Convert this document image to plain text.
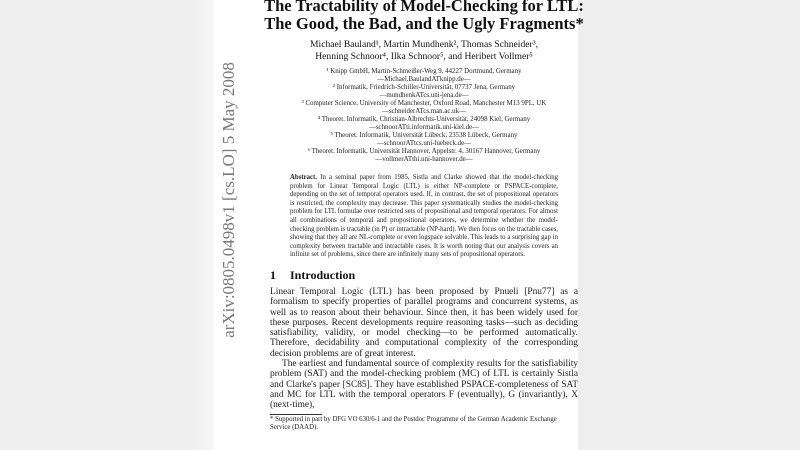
arXiv:0805.0498v1 [cs.LO] 5 May 2008
The Tractability of Model-Checking for LTL:
The Good, the Bad, and the Ugly Fragments*
Michael Bauland¹, Martin Mundhenk², Thomas Schneider³,
Henning Schnoor⁴, Ilka Schnoor⁵, and Heribert Vollmer⁵
¹ Knipp GmbH, Martin-Schmeißer-Weg 9, 44227 Dortmund, Germany
—Michael.BaulandATknipp.de—
² Informatik, Friedrich-Schiller-Universität, 07737 Jena, Germany
—mundhenkATcs.uni-jena.de—
³ Computer Science, University of Manchester, Oxford Road, Manchester M13 9PL, UK
—schneiderATcs.man.ac.uk—
⁴ Theoret. Informatik, Christian-Albrechts-Universität, 24098 Kiel, Germany
—schnoorATti.informatik.uni-kiel.de—
⁵ Theoret. Informatik, Universität Lübeck, 23538 Lübeck, Germany
—schnoorATtcs.uni-luebeck.de—
⁶ Theoret. Informatik, Universität Hannover, Appelstr. 4, 30167 Hannover, Germany
—vollmerATthi.uni-hannover.de—
Abstract. In a seminal paper from 1985, Sistla and Clarke showed that the model-checking problem for Linear Temporal Logic (LTL) is either NP-complete or PSPACE-complete, depending on the set of temporal operators used. If, in contrast, the set of propositional operators is restricted, the complexity may decrease. This paper systematically studies the model-checking problem for LTL formulae over restricted sets of propositional and temporal operators. For almost all combinations of temporal and propositional operators, we determine whether the model-checking problem is tractable (in P) or intractable (NP-hard). We then focus on the tractable cases, showing that they all are NL-complete or even logspace solvable. This leads to a surprising gap in complexity between tractable and intractable cases. It is worth noting that our analysis covers an infinite set of problems, since there are infinitely many sets of propositional operators.
1 Introduction

Linear Temporal Logic (LTL) has been proposed by Pnueli [Pnu77] as a formalism to specify properties of parallel programs and concurrent systems, as well as to reason about their behaviour. Since then, it has been widely used for these purposes. Recent developments require reasoning tasks—such as deciding satisfiability, validity, or model checking—to be performed automatically. Therefore, decidability and computational complexity of the corresponding decision problems are of great interest.

The earliest and fundamental source of complexity results for the satisfiability problem (SAT) and the model-checking problem (MC) of LTL is certainly Sistla and Clarke's paper [SC85]. They have established PSPACE-completeness of SAT and MC for LTL with the temporal operators F (eventually), G (invariantly), X (next-time),

* Supported in part by DFG VO 630/6-1 and the Postdoc Programme of the German Academic Exchange Service (DAAD).
